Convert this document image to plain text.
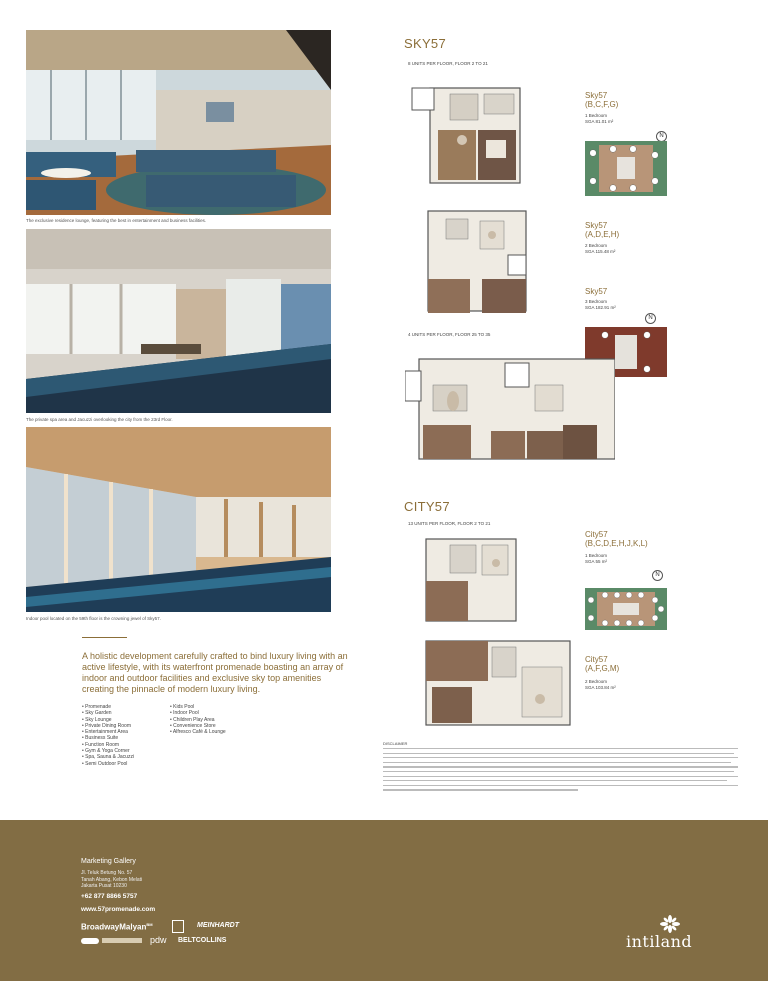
The exclusive residence lounge, featuring the best in entertainment and business facilities.
The private spa area and Jacuzzi overlooking the city from the 23rd Floor.
Indoor pool located on the 59th floor is the crowning jewel of Sky57.
A holistic development carefully crafted to bind luxury living with an active lifestyle, with its waterfront promenade boasting an array of indoor and outdoor facilities and exclusive sky top amenities creating the pinnacle of modern luxury living.
• Promenade
• Sky Garden
• Sky Lounge
• Private Dining Room
• Entertainment Area
• Business Suite
• Function Room
• Gym & Yoga Corner
• Spa, Sauna & Jacuzzi
• Semi Outdoor Pool
• Kids Pool
• Indoor Pool
• Children Play Area
• Convenience Store
• Alfresco Café & Lounge
SKY57
8 UNITS PER FLOOR, FLOOR 2 TO 21
Sky57
(B,C,F,G)
1 Bedroom
SGA 81.01 m²
N
Sky57
(A,D,E,H)
2 Bedroom
SGA 115.48 m²
Sky57
3 Bedroom
SGA 182.91 m²
N
4 UNITS PER FLOOR, FLOOR 25 TO 35
CITY57
13 UNITS PER FLOOR, FLOOR 2 TO 21
City57
(B,C,D,E,H,J,K,L)
1 Bedroom
SGA 55 m²
N
City57
(A,F,G,M)
2 Bedroom
SGA 103.84 m²
DISCLAIMER
Marketing Gallery
Jl. Teluk Betung No. 57
Tanah Abang, Kebon Melati
Jakarta Pusat 10230
+62 877 8866 5757
www.57promenade.com
BroadwayMalyan$^{BM}$	MEINHARDT
pdw BELTCOLLINS	intiland
